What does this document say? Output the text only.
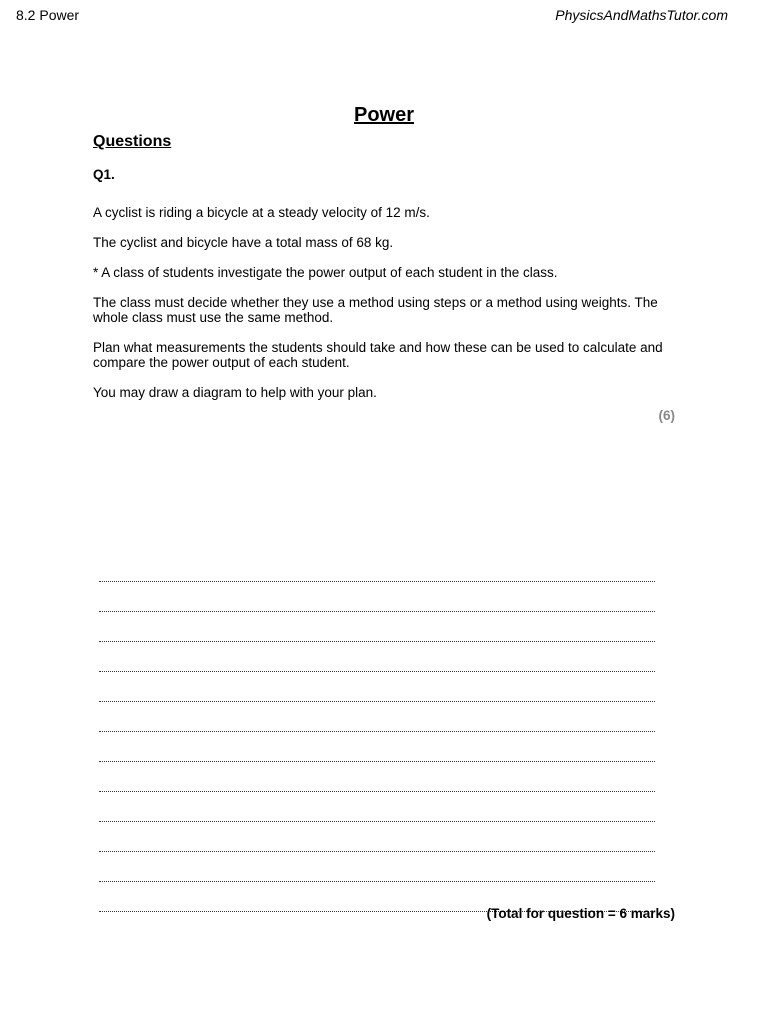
8.2 Power	PhysicsAndMathsTutor.com
Power
Questions
Q1.
A cyclist is riding a bicycle at a steady velocity of 12 m/s.
The cyclist and bicycle have a total mass of 68 kg.
* A class of students investigate the power output of each student in the class.
The class must decide whether they use a method using steps or a method using weights. The whole class must use the same method.
Plan what measurements the students should take and how these can be used to calculate and compare the power output of each student.
You may draw a diagram to help with your plan.
(6)
(Total for question = 6 marks)
